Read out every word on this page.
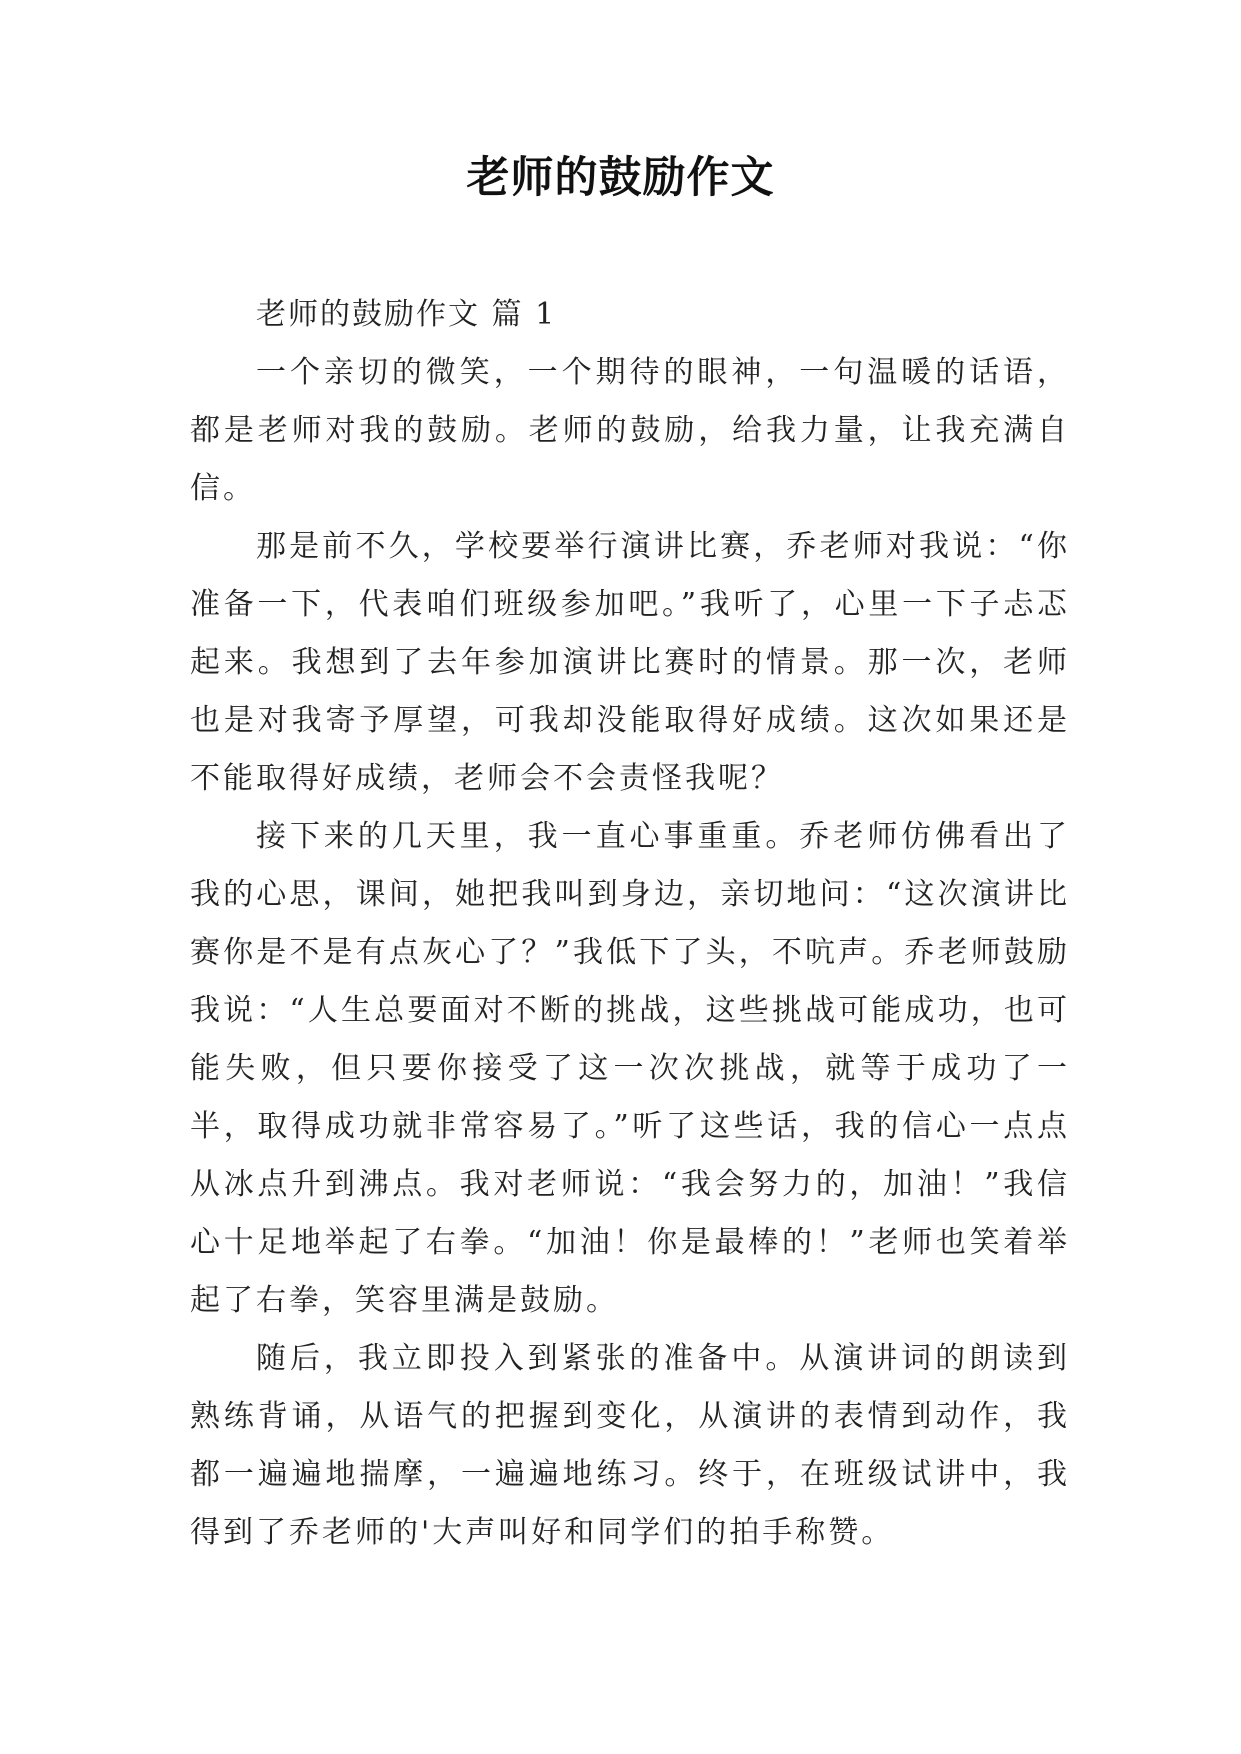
老师的鼓励作文

老师的鼓励作文 篇 1

一个亲切的微笑，一个期待的眼神，一句温暖的话语，都是老师对我的鼓励。老师的鼓励，给我力量，让我充满自信。

那是前不久，学校要举行演讲比赛，乔老师对我说：“你准备一下，代表咱们班级参加吧。”我听了，心里一下子忐忑起来。我想到了去年参加演讲比赛时的情景。那一次，老师也是对我寄予厚望，可我却没能取得好成绩。这次如果还是不能取得好成绩，老师会不会责怪我呢？

接下来的几天里，我一直心事重重。乔老师仿佛看出了我的心思，课间，她把我叫到身边，亲切地问：“这次演讲比赛你是不是有点灰心了？”我低下了头，不吭声。乔老师鼓励我说：“人生总要面对不断的挑战，这些挑战可能成功，也可能失败，但只要你接受了这一次次挑战，就等于成功了一半，取得成功就非常容易了。”听了这些话，我的信心一点点从冰点升到沸点。我对老师说：“我会努力的，加油！”我信心十足地举起了右拳。“加油！你是最棒的！”老师也笑着举起了右拳，笑容里满是鼓励。

随后，我立即投入到紧张的准备中。从演讲词的朗读到熟练背诵，从语气的把握到变化，从演讲的表情到动作，我都一遍遍地揣摩，一遍遍地练习。终于，在班级试讲中，我得到了乔老师的'大声叫好和同学们的拍手称赞。
